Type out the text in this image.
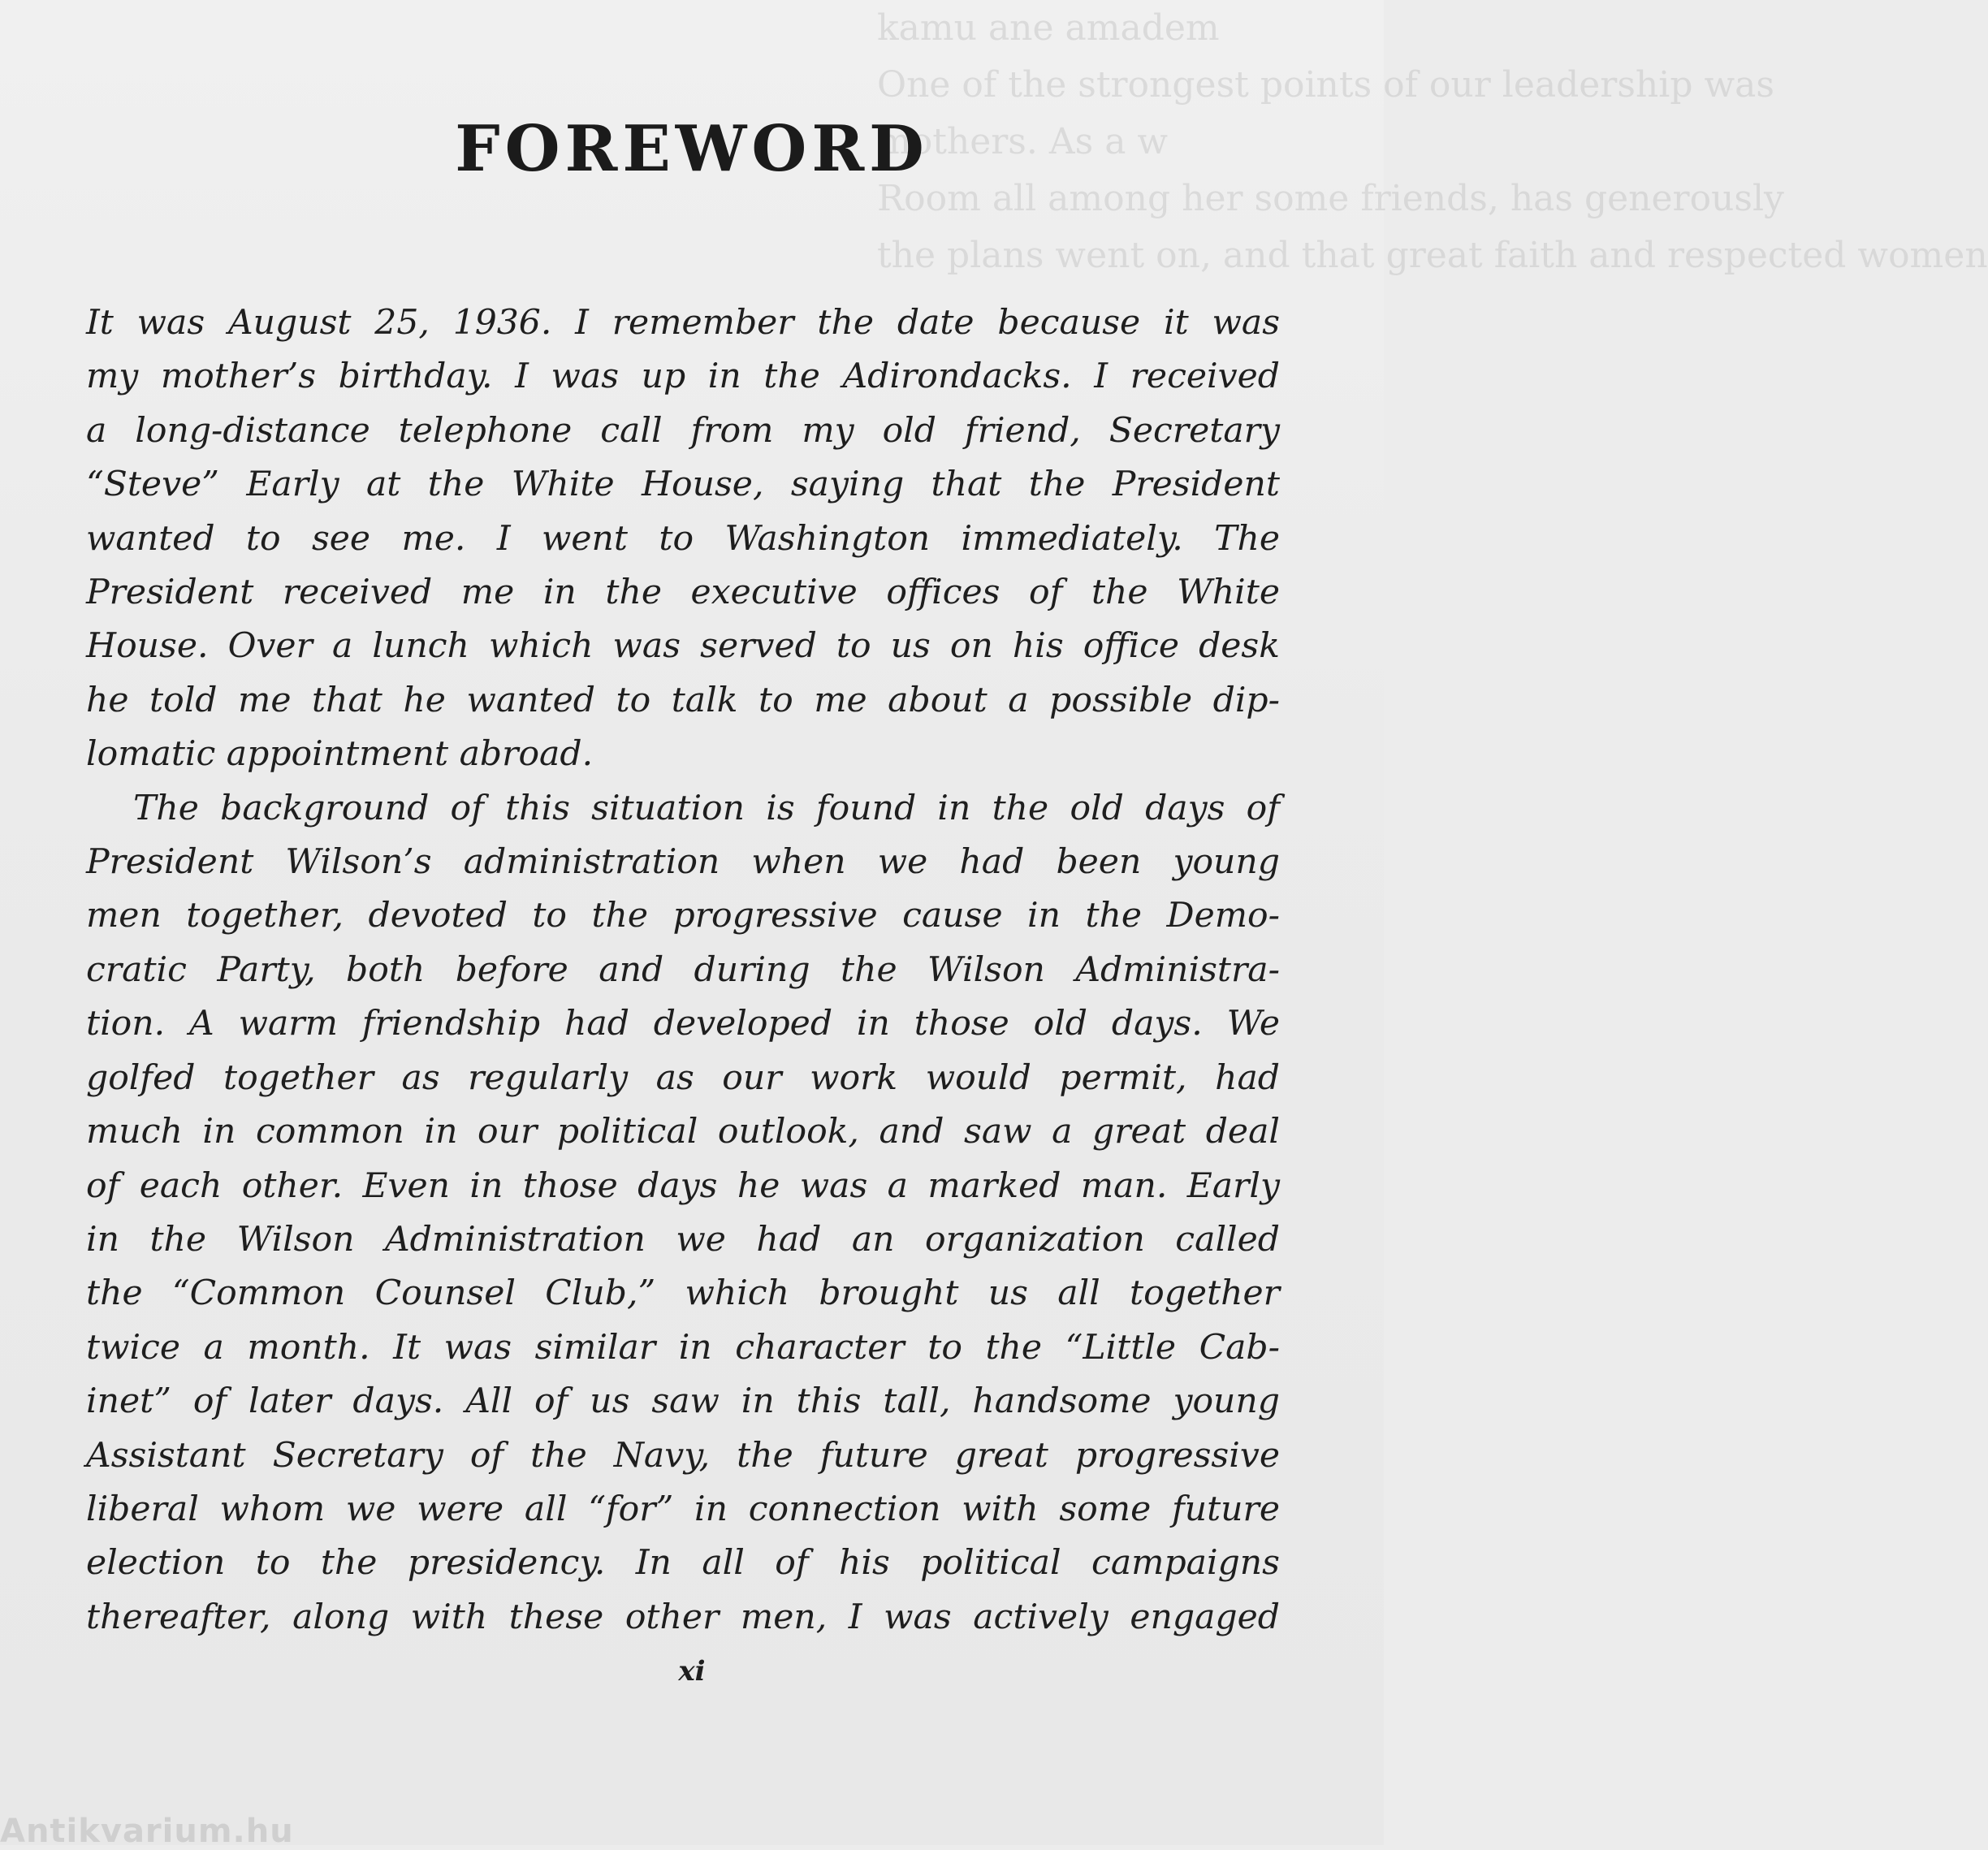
kamu ane amadem
One of the strongest points of our leadership was
mothers. As a w
Room all among her some friends, has generously
the plans went on, and that great faith and respected women
FOREWORD

It was August 25, 1936. I remember the date because it was
my mother’s birthday. I was up in the Adirondacks. I received
a long-distance telephone call from my old friend, Secretary
“Steve” Early at the White House, saying that the President
wanted to see me. I went to Washington immediately. The
President received me in the executive offices of the White
House. Over a lunch which was served to us on his office desk
he told me that he wanted to talk to me about a possible dip-
lomatic appointment abroad.

The background of this situation is found in the old days of
President Wilson’s administration when we had been young
men together, devoted to the progressive cause in the Demo-
cratic Party, both before and during the Wilson Administra-
tion. A warm friendship had developed in those old days. We
golfed together as regularly as our work would permit, had
much in common in our political outlook, and saw a great deal
of each other. Even in those days he was a marked man. Early
in the Wilson Administration we had an organization called
the “Common Counsel Club,” which brought us all together
twice a month. It was similar in character to the “Little Cab-
inet” of later days. All of us saw in this tall, handsome young
Assistant Secretary of the Navy, the future great progressive
liberal whom we were all “for” in connection with some future
election to the presidency. In all of his political campaigns
thereafter, along with these other men, I was actively engaged

xi
Antikvarium.hu
